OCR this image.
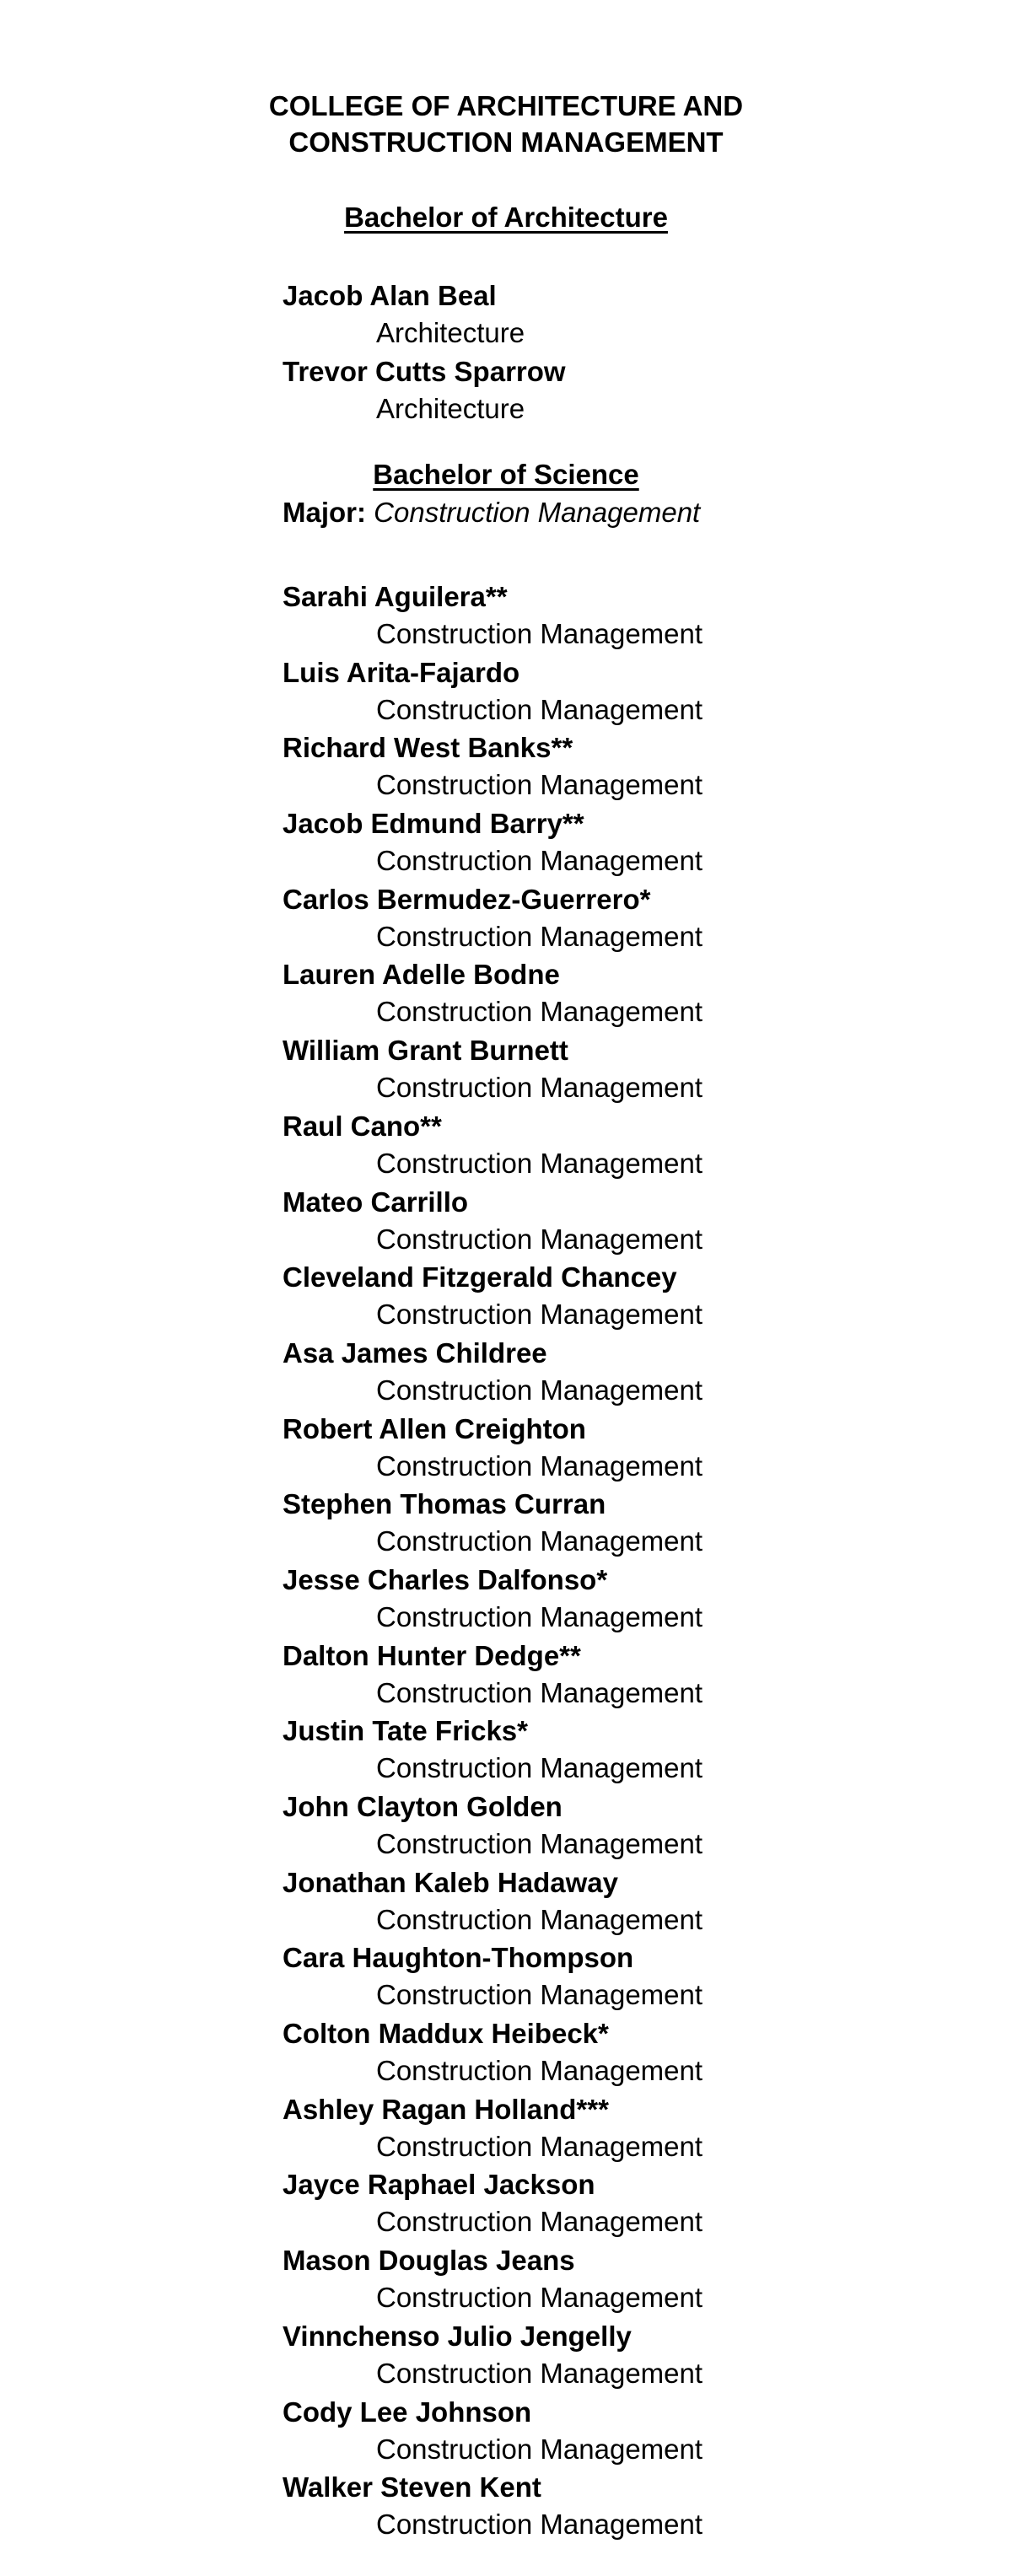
COLLEGE OF ARCHITECTURE AND
CONSTRUCTION MANAGEMENT
Bachelor of Architecture
Jacob Alan Beal
Architecture
Trevor Cutts Sparrow
Architecture
Bachelor of Science

Major: Construction Management

Sarahi Aguilera**
Construction Management
Luis Arita-Fajardo
Construction Management
Richard West Banks**
Construction Management
Jacob Edmund Barry**
Construction Management
Carlos Bermudez-Guerrero*
Construction Management
Lauren Adelle Bodne
Construction Management
William Grant Burnett
Construction Management
Raul Cano**
Construction Management
Mateo Carrillo
Construction Management
Cleveland Fitzgerald Chancey
Construction Management
Asa James Childree
Construction Management
Robert Allen Creighton
Construction Management
Stephen Thomas Curran
Construction Management
Jesse Charles Dalfonso*
Construction Management
Dalton Hunter Dedge**
Construction Management
Justin Tate Fricks*
Construction Management
John Clayton Golden
Construction Management
Jonathan Kaleb Hadaway
Construction Management
Cara Haughton-Thompson
Construction Management
Colton Maddux Heibeck*
Construction Management
Ashley Ragan Holland***
Construction Management
Jayce Raphael Jackson
Construction Management
Mason Douglas Jeans
Construction Management
Vinnchenso Julio Jengelly
Construction Management
Cody Lee Johnson
Construction Management
Walker Steven Kent
Construction Management
